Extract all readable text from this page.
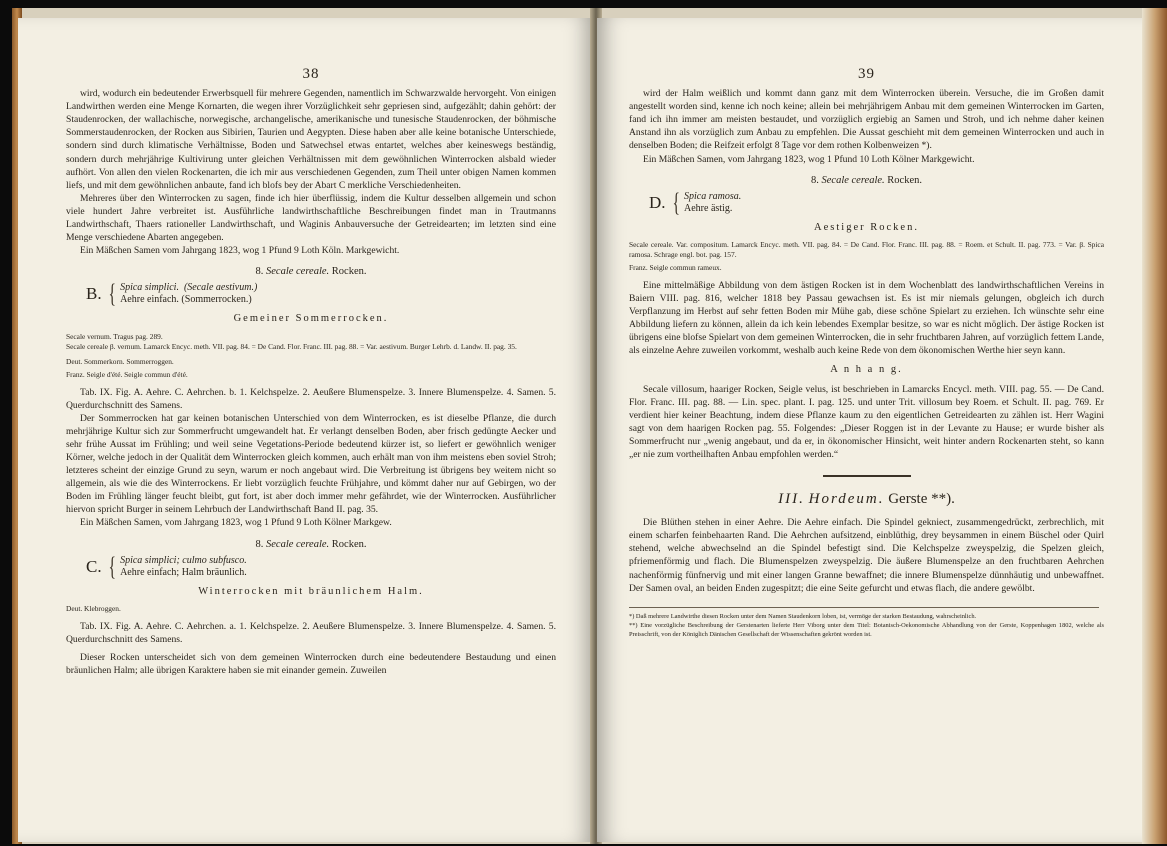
38

wird, wodurch ein bedeutender Erwerbsquell für mehrere Gegenden, namentlich im Schwarzwalde hervorgeht. Von einigen Landwirthen werden eine Menge Kornarten, die wegen ihrer Vorzüglichkeit sehr gepriesen sind, aufgezählt; dahin gehört: der Staudenrocken, der wallachische, norwegische, archangelische, amerikanische und tunesische Staudenrocken, der böhmische Sommerstaudenrocken, der Rocken aus Sibirien, Taurien und Aegypten. Diese haben aber alle keine botanische Unterschiede, sondern sind durch klimatische Verhältnisse, Boden und Satwechsel etwas entartet, welches aber keineswegs beständig, sondern durch mehrjährige Kultivirung unter gleichen Verhältnissen mit dem gewöhnlichen Winterrocken alsbald wieder aufhört. Von allen den vielen Rockenarten, die ich mir aus verschiedenen Gegenden, zum Theil unter obigen Namen kommen liefs, und mit dem gewöhnlichen anbaute, fand ich blofs bey der Abart C merkliche Verschiedenheiten.

Mehreres über den Winterrocken zu sagen, finde ich hier überflüssig, indem die Kultur desselben allgemein und schon viele hundert Jahre verbreitet ist. Ausführliche landwirthschaftliche Beschreibungen findet man in Trautmanns Landwirthschaft, Thaers rationeller Landwirthschaft, und Waginis Anbauversuche der Getreidearten; im letzten sind eine Menge verschiedene Abarten angegeben.

Ein Mäßchen Samen vom Jahrgang 1823, wog 1 Pfund 9 Loth Köln. Markgewicht.

8. Secale cereale. Rocken.
B. { Spica simplici. (Secale aestivum.)
Aehre einfach. (Sommerrocken.)
Gemeiner Sommerrocken.

Secale vernum. Tragus pag. 289.

Secale cereale β. vernum. Lamarck Encyc. meth. VII. pag. 84. = De Cand. Flor. Franc. III. pag. 88. = Var. aestivum. Burger Lehrb. d. Landw. II. pag. 35.

Deut. Sommerkorn. Sommerroggen.

Franz. Seigle d'été. Seigle commun d'été.

Tab. IX. Fig. A. Aehre. C. Aehrchen. b. 1. Kelchspelze. 2. Aeußere Blumenspelze. 3. Innere Blumenspelze. 4. Samen. 5. Querdurchschnitt des Samens.

Der Sommerrocken hat gar keinen botanischen Unterschied von dem Winterrocken, es ist dieselbe Pflanze, die durch mehrjährige Kultur sich zur Sommerfrucht umgewandelt hat. Er verlangt denselben Boden, aber frisch gedüngte Aecker und sehr frühe Aussat im Frühling; und weil seine Vegetations-Periode bedeutend kürzer ist, so liefert er gewöhnlich weniger Körner, welche jedoch in der Qualität dem Winterrocken gleich kommen, auch erhält man von ihm meistens eben soviel Stroh; letzteres scheint der einzige Grund zu seyn, warum er noch angebaut wird. Die Verbreitung ist übrigens bey weitem nicht so allgemein, als wie die des Winterrockens. Er liebt vorzüglich feuchte Frühjahre, und kömmt daher nur auf Gebirgen, wo der Boden im Frühling länger feucht bleibt, gut fort, ist aber doch immer mehr gefährdet, wie der Winterrocken. Ausführlicher hiervon spricht Burger in seinem Lehrbuch der Landwirthschaft Band II. pag. 35.

Ein Mäßchen Samen, vom Jahrgang 1823, wog 1 Pfund 9 Loth Kölner Markgew.

8. Secale cereale. Rocken.
C. { Spica simplici; culmo subfusco.
Aehre einfach; Halm bräunlich.
Winterrocken mit bräunlichem Halm.

Deut. Klebroggen.

Tab. IX. Fig. A. Aehre. C. Aehrchen. a. 1. Kelchspelze. 2. Aeußere Blumenspelze. 3. Innere Blumenspelze. 4. Samen. 5. Querdurchschnitt des Samens.

Dieser Rocken unterscheidet sich von dem gemeinen Winterrocken durch eine bedeutendere Bestaudung und einen bräunlichen Halm; alle übrigen Karaktere haben sie mit einander gemein. Zuweilen

39

wird der Halm weißlich und kommt dann ganz mit dem Winterrocken überein. Versuche, die im Großen damit angestellt worden sind, kenne ich noch keine; allein bei mehrjährigem Anbau mit dem gemeinen Winterrocken im Garten, fand ich ihn immer am meisten bestaudet, und vorzüglich ergiebig an Samen und Stroh, und ich nehme daher keinen Anstand ihn als vorzüglich zum Anbau zu empfehlen. Die Aussat geschieht mit dem gemeinen Winterrocken und auch in denselben Boden; die Reifzeit erfolgt 8 Tage vor dem rothen Kolbenweizen *).

Ein Mäßchen Samen, vom Jahrgang 1823, wog 1 Pfund 10 Loth Kölner Markgewicht.

8. Secale cereale. Rocken.
D. { Spica ramosa.
Aehre ästig.
Aestiger Rocken.

Secale cereale. Var. compositum. Lamarck Encyc. meth. VII. pag. 84. = De Cand. Flor. Franc. III. pag. 88. = Roem. et Schult. II. pag. 773. = Var. β. Spica ramosa. Schrage engl. bot. pag. 157.

Franz. Seigle commun rameux.

Eine mittelmäßige Abbildung von dem ästigen Rocken ist in dem Wochenblatt des landwirthschaftlichen Vereins in Baiern VIII. pag. 816, welcher 1818 bey Passau gewachsen ist. Es ist mir niemals gelungen, obgleich ich durch Verpflanzung im Herbst auf sehr fetten Boden mir Mühe gab, diese schöne Spielart zu erziehen. Ich wünschte sehr eine Abbildung liefern zu können, allein da ich kein lebendes Exemplar besitze, so war es nicht möglich. Der ästige Rocken ist übrigens eine blofse Spielart von dem gemeinen Winterrocken, die in sehr fruchtbaren Jahren, auf vorzüglich fettem Lande, als einzelne Aehre zuweilen vorkommt, weshalb auch keine Rede von dem ökonomischen Werthe hier seyn kann.

A n h a n g.

Secale villosum, haariger Rocken, Seigle velus, ist beschrieben in Lamarcks Encycl. meth. VIII. pag. 55. — De Cand. Flor. Franc. III. pag. 88. — Lin. spec. plant. I. pag. 125. und unter Trit. villosum bey Roem. et Schult. II. pag. 769. Er verdient hier keiner Beachtung, indem diese Pflanze kaum zu den eigentlichen Getreidearten zu zählen ist. Herr Wagini sagt von dem haarigen Rocken pag. 55. Folgendes: „Dieser Roggen ist in der Levante zu Hause; er wurde bisher als Sommerfrucht nur „wenig angebaut, und da er, in ökonomischer Hinsicht, weit hinter andern Rockenarten steht, so kann „er nie zum vortheilhaften Anbau empfohlen werden.“

III. Hordeum. Gerste **).

Die Blüthen stehen in einer Aehre. Die Aehre einfach. Die Spindel gekniect, zusammengedrückt, zerbrechlich, mit einem scharfen feinbehaarten Rand. Die Aehrchen aufsitzend, einblüthig, drey beysammen in einem Büschel oder Quirl stehend, welche abwechselnd an die Spindel befestigt sind. Die Kelchspelze zweyspelzig, die Spelzen gleich, pfriemenförmig und flach. Die Blumenspelzen zweyspelzig. Die äußere Blumenspelze an den fruchtbaren Aehrchen nachenförmig fünfnervig und mit einer langen Granne bewaffnet; die innere Blumenspelze dünnhäutig und unbewaffnet. Der Samen oval, an beiden Enden zugespitzt; die eine Seite gefurcht und etwas flach, die andere gewölbt.

*) Daß mehrere Landwirthe diesen Rocken unter dem Namen Staudenkorn loben, ist, vermöge der starken Bestaudung, wahrscheinlich.

**) Eine vorzügliche Beschreibung der Gerstenarten lieferte Herr Viborg unter dem Titel: Botanisch-Oekonomische Abhandlung von der Gerste, Koppenhagen 1802, welche als Preisschrift, von der Königlich Dänischen Gesellschaft der Wissenschaften gekrönt worden ist.
